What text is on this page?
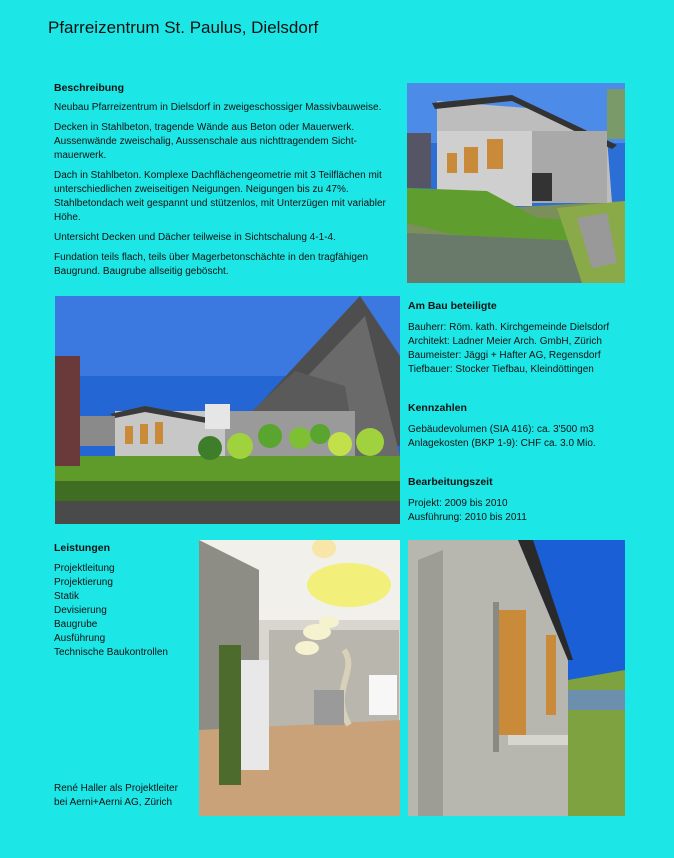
Pfarreizentrum St. Paulus, Dielsdorf
Beschreibung

Neubau Pfarreizentrum in Dielsdorf in zweigeschossiger Massivbauweise.

Decken in Stahlbeton, tragende Wände aus Beton oder Mauerwerk. Aussenwände zweischalig, Aussenschale aus nichttragendem Sicht-mauerwerk.

Dach in Stahlbeton. Komplexe Dachflächengeometrie mit 3 Teilflächen mit unterschiedlichen zweiseitigen Neigungen. Neigungen bis zu 47%. Stahlbetondach weit gespannt und stützenlos, mit Unterzügen mit variabler Höhe.

Untersicht Decken und Dächer teilweise in Sichtschalung 4-1-4.

Fundation teils flach, teils über Magerbetonschächte in den tragfähigen Baugrund. Baugrube allseitig geböscht.

Am Bau beteiligte
Bauherr: Röm. kath. Kirchgemeinde Dielsdorf
Architekt: Ladner Meier Arch. GmbH, Zürich
Baumeister: Jäggi + Hafter AG, Regensdorf
Tiefbauer: Stocker Tiefbau, Kleindöttingen
Kennzahlen
Gebäudevolumen (SIA 416): ca. 3'500 m3
Anlagekosten (BKP 1-9): CHF ca. 3.0 Mio.
Bearbeitungszeit
Projekt: 2009 bis 2010
Ausführung: 2010 bis 2011
Leistungen
Projektleitung
Projektierung
Statik
Devisierung
Baugrube
Ausführung
Technische Baukontrollen
René Haller als Projektleiter
bei Aerni+Aerni AG, Zürich
